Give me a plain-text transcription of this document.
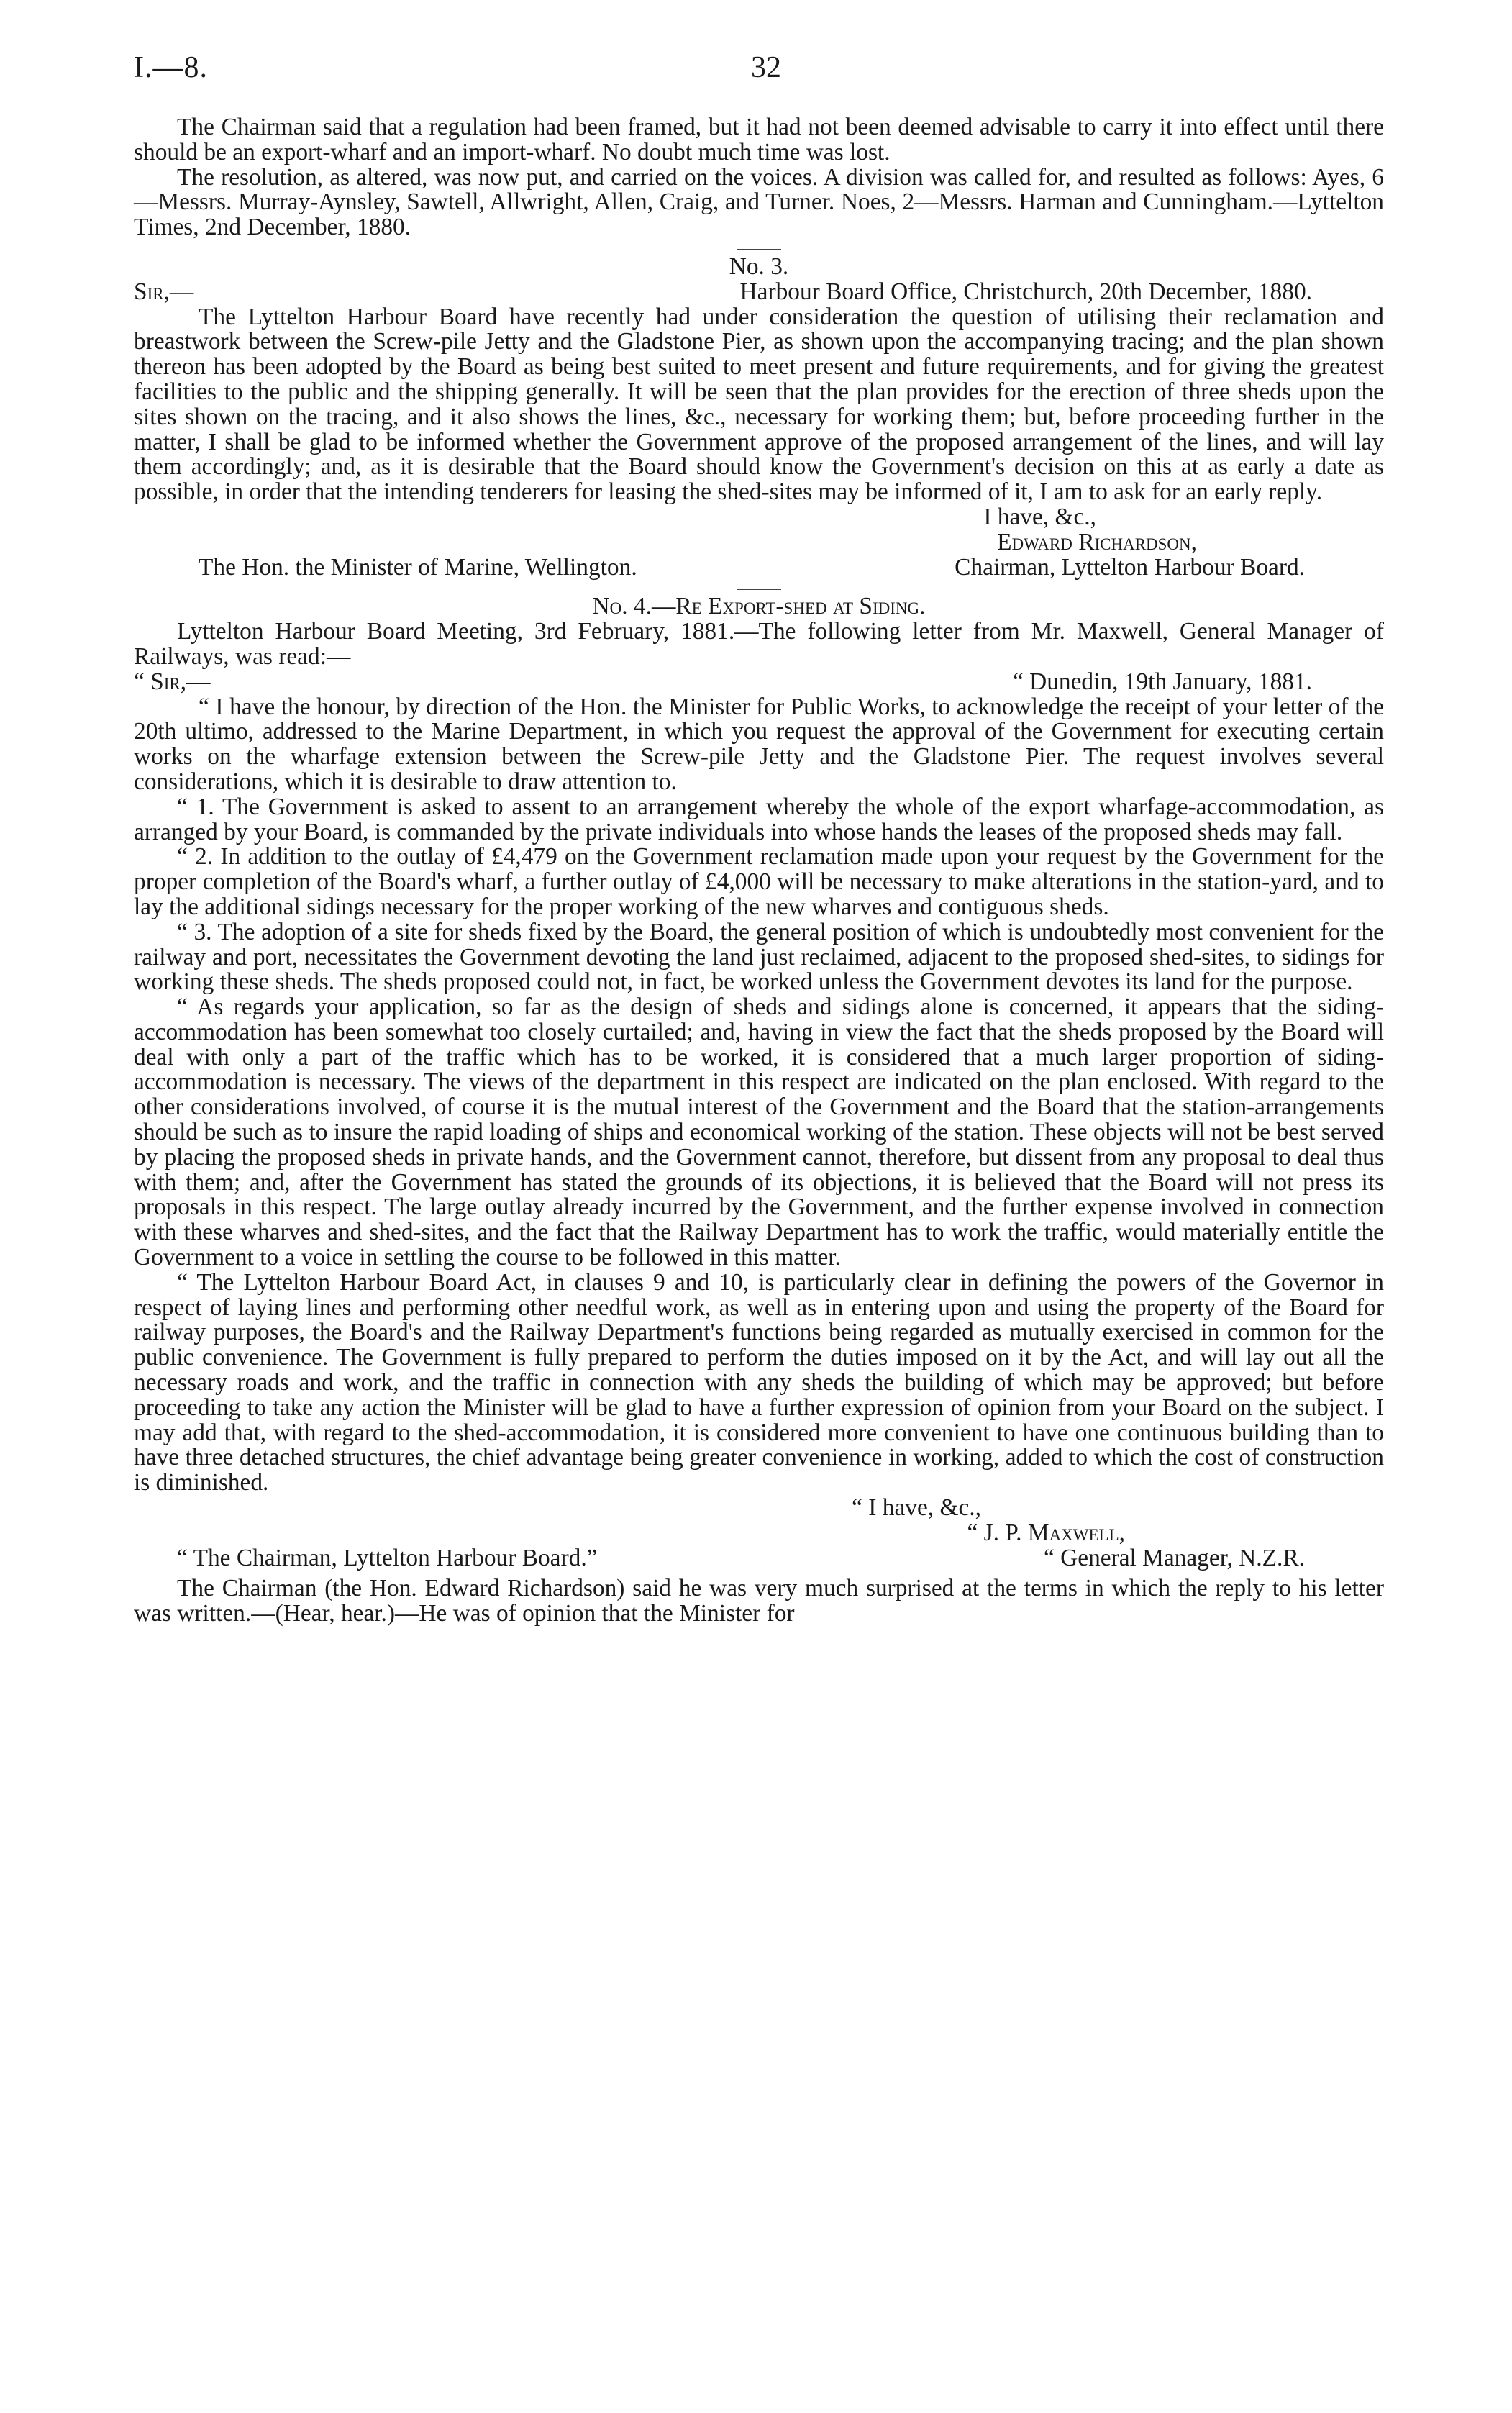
I.—8.	32

The Chairman said that a regulation had been framed, but it had not been deemed advisable to carry it into effect until there should be an export-wharf and an import-wharf. No doubt much time was lost.

The resolution, as altered, was now put, and carried on the voices. A division was called for, and resulted as follows: Ayes, 6—Messrs. Murray-Aynsley, Sawtell, Allwright, Allen, Craig, and Turner. Noes, 2—Messrs. Harman and Cunningham.—Lyttelton Times, 2nd December, 1880.

No. 3.
Sir,—	Harbour Board Office, Christchurch, 20th December, 1880.

The Lyttelton Harbour Board have recently had under consideration the question of utilising their reclamation and breastwork between the Screw-pile Jetty and the Gladstone Pier, as shown upon the accompanying tracing; and the plan shown thereon has been adopted by the Board as being best suited to meet present and future requirements, and for giving the greatest facilities to the public and the shipping generally. It will be seen that the plan provides for the erection of three sheds upon the sites shown on the tracing, and it also shows the lines, &c., necessary for working them; but, before proceeding further in the matter, I shall be glad to be informed whether the Government approve of the proposed arrangement of the lines, and will lay them accordingly; and, as it is desirable that the Board should know the Government's decision on this at as early a date as possible, in order that the intending tenderers for leasing the shed-sites may be informed of it, I am to ask for an early reply.

I have, &c.,
Edward Richardson,
The Hon. the Minister of Marine, Wellington.	Chairman, Lyttelton Harbour Board.
No. 4.—Re Export-shed at Siding.

Lyttelton Harbour Board Meeting, 3rd February, 1881.—The following letter from Mr. Maxwell, General Manager of Railways, was read:—

“ Sir,—	“ Dunedin, 19th January, 1881.

“ I have the honour, by direction of the Hon. the Minister for Public Works, to acknowledge the receipt of your letter of the 20th ultimo, addressed to the Marine Department, in which you request the approval of the Government for executing certain works on the wharfage extension between the Screw-pile Jetty and the Gladstone Pier. The request involves several considerations, which it is desirable to draw attention to.

“ 1. The Government is asked to assent to an arrangement whereby the whole of the export wharfage-accommodation, as arranged by your Board, is commanded by the private individuals into whose hands the leases of the proposed sheds may fall.

“ 2. In addition to the outlay of £4,479 on the Government reclamation made upon your request by the Government for the proper completion of the Board's wharf, a further outlay of £4,000 will be necessary to make alterations in the station-yard, and to lay the additional sidings necessary for the proper working of the new wharves and contiguous sheds.

“ 3. The adoption of a site for sheds fixed by the Board, the general position of which is undoubtedly most convenient for the railway and port, necessitates the Government devoting the land just reclaimed, adjacent to the proposed shed-sites, to sidings for working these sheds. The sheds proposed could not, in fact, be worked unless the Government devotes its land for the purpose.

“ As regards your application, so far as the design of sheds and sidings alone is concerned, it appears that the siding-accommodation has been somewhat too closely curtailed; and, having in view the fact that the sheds proposed by the Board will deal with only a part of the traffic which has to be worked, it is considered that a much larger proportion of siding-accommodation is necessary. The views of the department in this respect are indicated on the plan enclosed. With regard to the other considerations involved, of course it is the mutual interest of the Government and the Board that the station-arrangements should be such as to insure the rapid loading of ships and economical working of the station. These objects will not be best served by placing the proposed sheds in private hands, and the Government cannot, therefore, but dissent from any proposal to deal thus with them; and, after the Government has stated the grounds of its objections, it is believed that the Board will not press its proposals in this respect. The large outlay already incurred by the Government, and the further expense involved in connection with these wharves and shed-sites, and the fact that the Railway Department has to work the traffic, would materially entitle the Government to a voice in settling the course to be followed in this matter.

“ The Lyttelton Harbour Board Act, in clauses 9 and 10, is particularly clear in defining the powers of the Governor in respect of laying lines and performing other needful work, as well as in entering upon and using the property of the Board for railway purposes, the Board's and the Railway Department's functions being regarded as mutually exercised in common for the public convenience. The Government is fully prepared to perform the duties imposed on it by the Act, and will lay out all the necessary roads and work, and the traffic in connection with any sheds the building of which may be approved; but before proceeding to take any action the Minister will be glad to have a further expression of opinion from your Board on the subject. I may add that, with regard to the shed-accommodation, it is considered more convenient to have one continuous building than to have three detached structures, the chief advantage being greater convenience in working, added to which the cost of construction is diminished.

“ I have, &c.,
“ J. P. Maxwell,
“ The Chairman, Lyttelton Harbour Board.”	“ General Manager, N.Z.R.

The Chairman (the Hon. Edward Richardson) said he was very much surprised at the terms in which the reply to his letter was written.—(Hear, hear.)—He was of opinion that the Minister for
